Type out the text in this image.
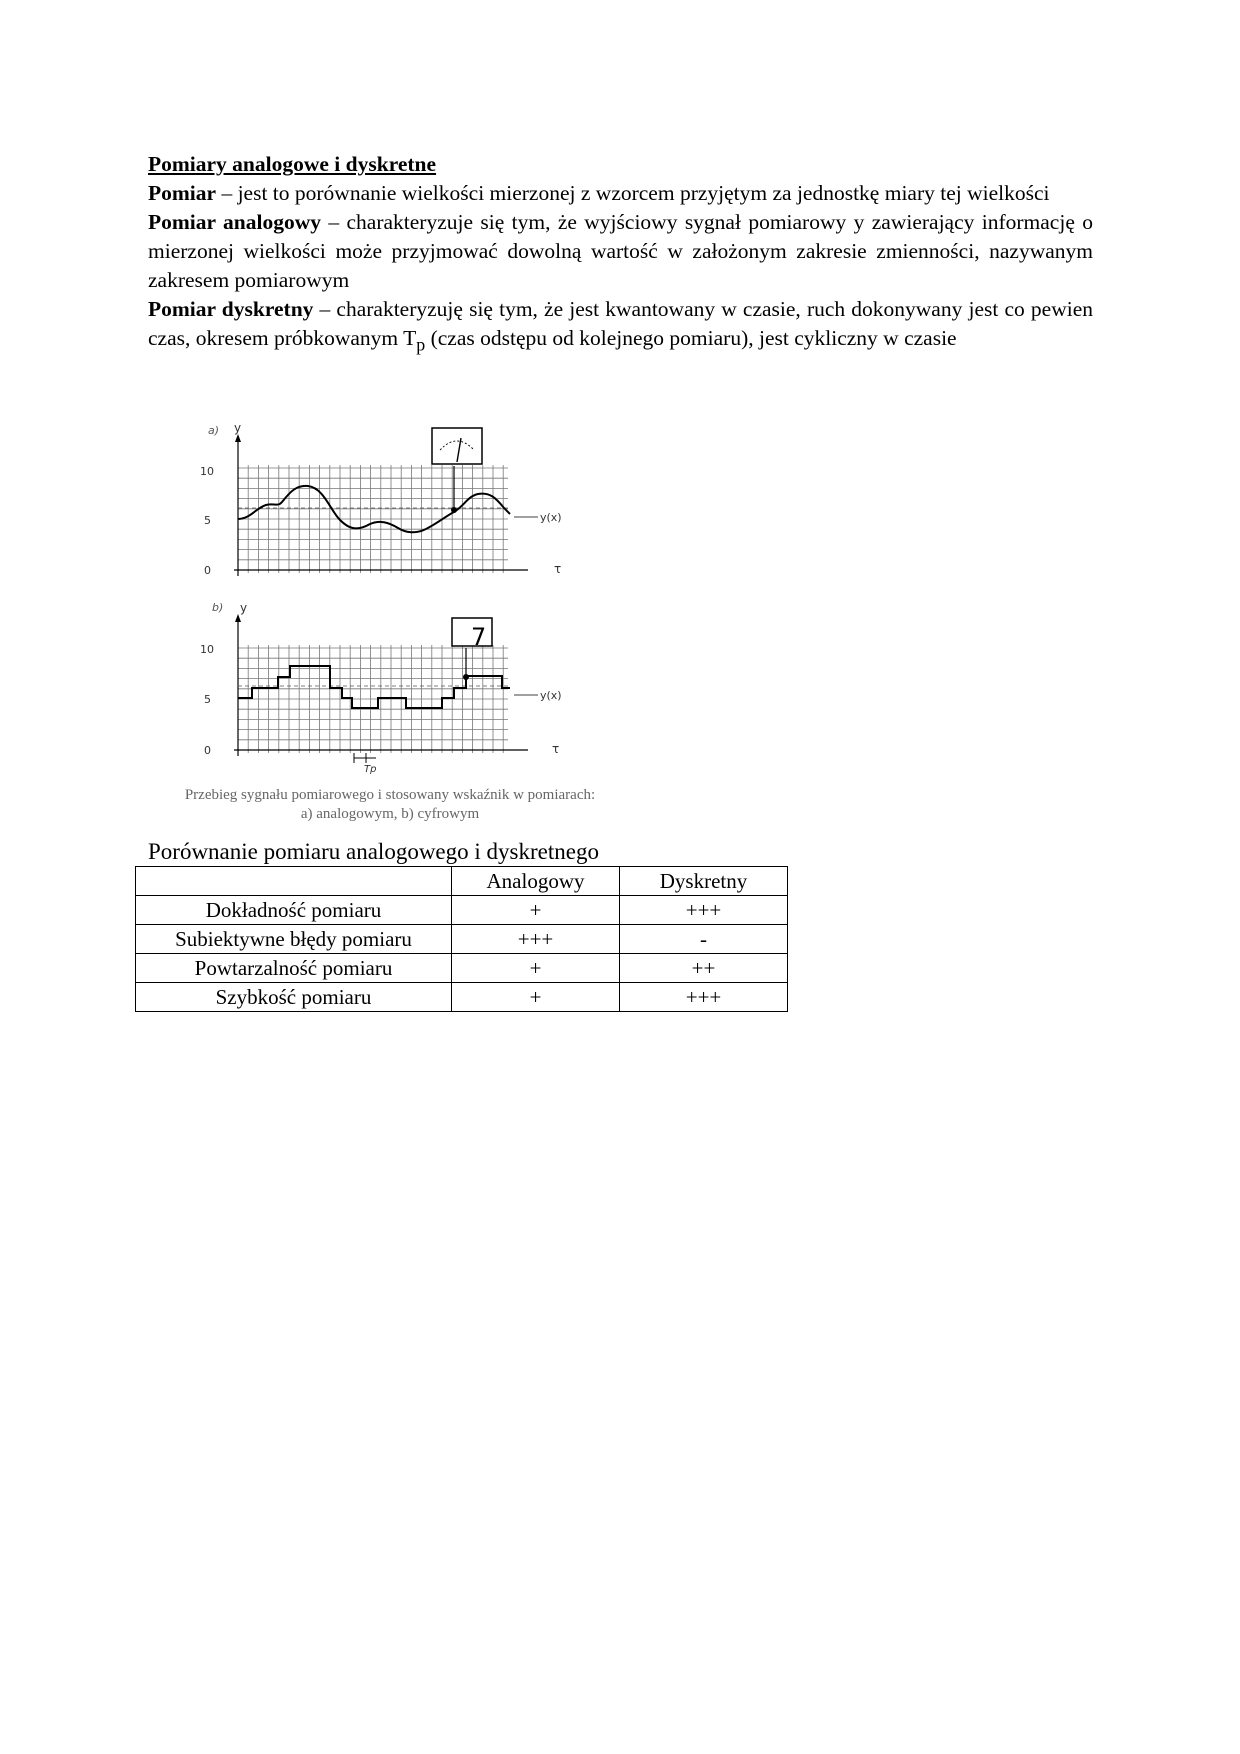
Pomiary analogowe i dyskretne

Pomiar – jest to porównanie wielkości mierzonej z wzorcem przyjętym za jednostkę miary tej wielkości

Pomiar analogowy – charakteryzuje się tym, że wyjściowy sygnał pomiarowy y zawierający informację o mierzonej wielkości może przyjmować dowolną wartość w założonym zakresie zmienności, nazywanym zakresem pomiarowym

Pomiar dyskretny – charakteryzuję się tym, że jest kwantowany w czasie, ruch dokonywany jest co pewien czas, okresem próbkowanym $T_p$ (czas odstępu od kolejnego pomiaru), jest cykliczny w czasie

a) y
10
5
0
y(x)
τ
b) y
10
5
0
y(x)
τ
7
Tp
Przebieg sygnału pomiarowego i stosowany wskaźnik w pomiarach:
a) analogowym, b) cyfrowym
Porównanie pomiaru analogowego i dyskretnego
	Analogowy	Dyskretny
Dokładność pomiaru	+	+++
Subiektywne błędy pomiaru	+++	-
Powtarzalność pomiaru	+	++
Szybkość pomiaru	+	+++
